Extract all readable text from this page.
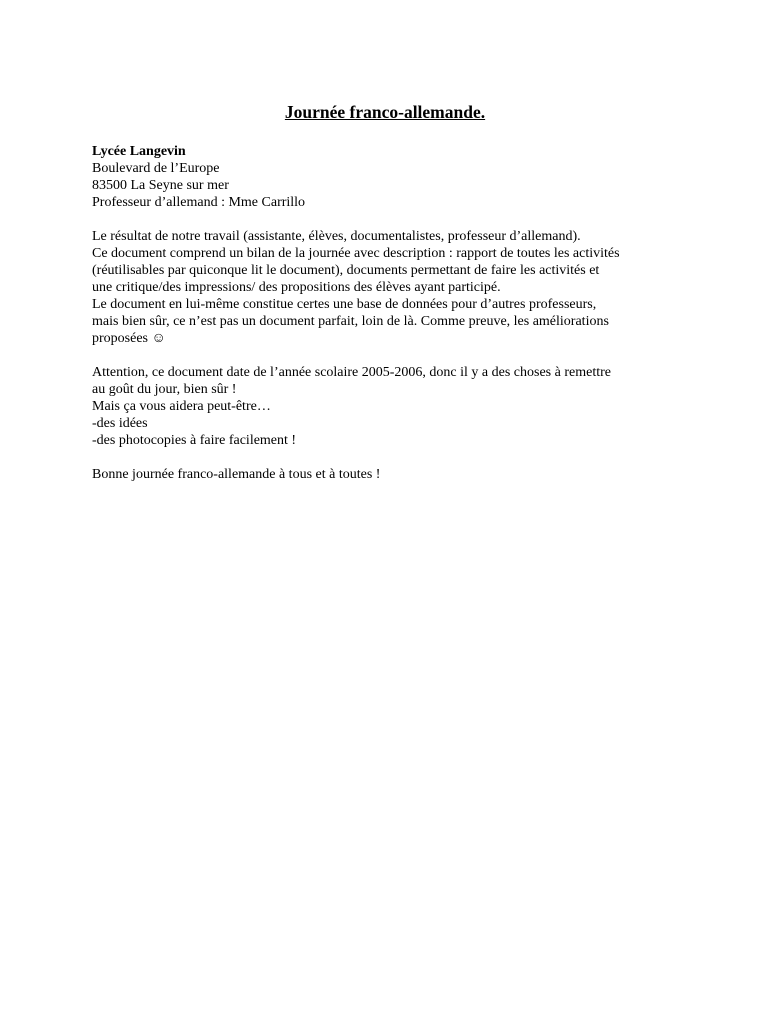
Journée franco-allemande.
Lycée Langevin
Boulevard de l’Europe
83500 La Seyne sur mer
Professeur d’allemand : Mme Carrillo
Le résultat de notre travail (assistante, élèves, documentalistes, professeur d’allemand).
Ce document comprend un bilan de la journée avec description : rapport de toutes les activités
(réutilisables par quiconque lit le document), documents permettant de faire les activités et
une critique/des impressions/ des propositions des élèves ayant participé.
Le document en lui-même constitue certes une base de données pour d’autres professeurs,
mais bien sûr, ce n’est pas un document parfait, loin de là. Comme preuve, les améliorations
proposées ☺
Attention, ce document date de l’année scolaire 2005-2006, donc il y a des choses à remettre
au goût du jour, bien sûr !
Mais ça vous aidera peut-être…
-des idées
-des photocopies à faire facilement !
Bonne journée franco-allemande à tous et à toutes !
